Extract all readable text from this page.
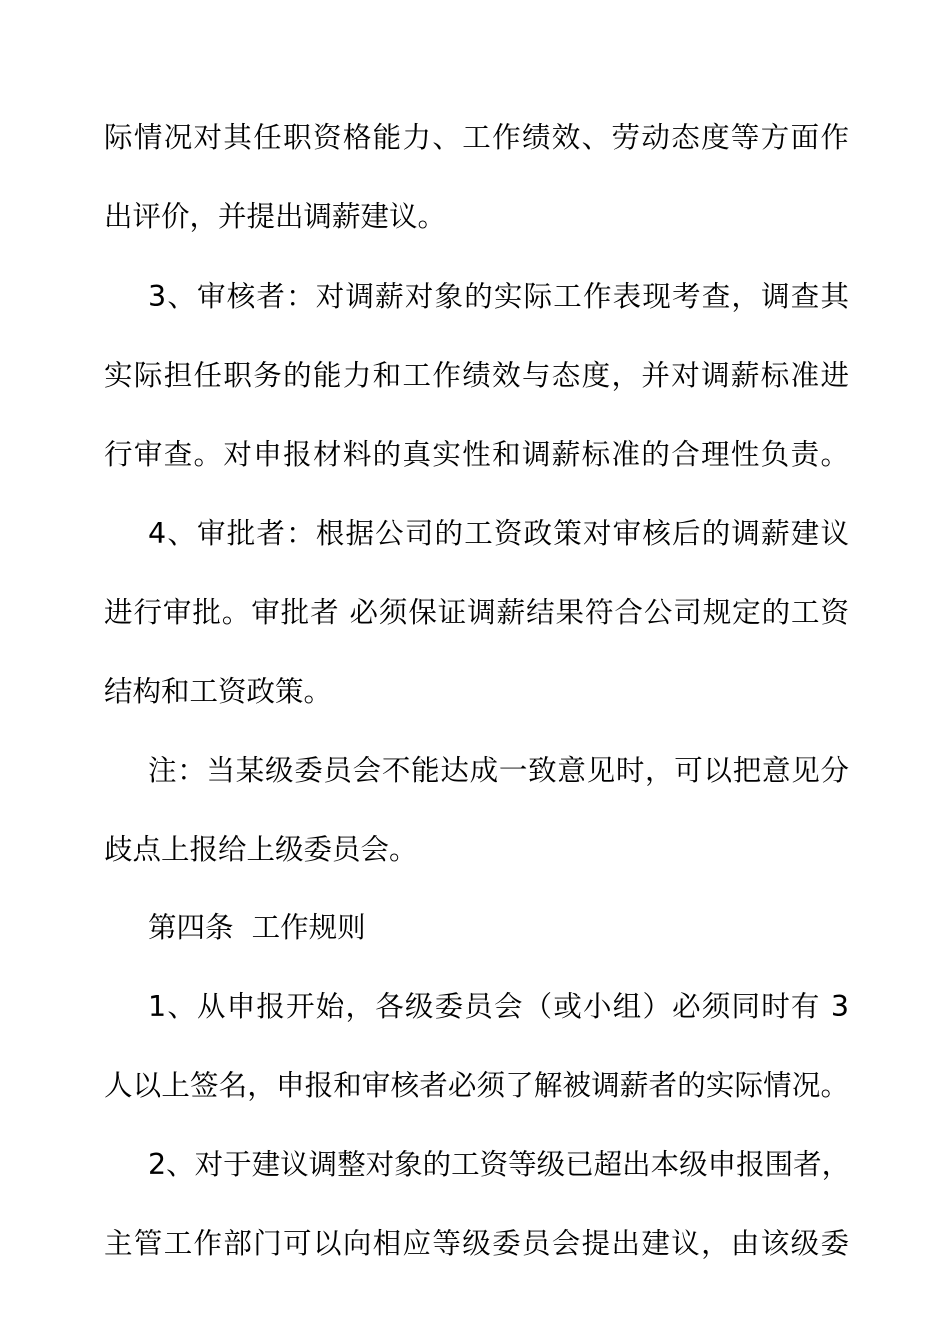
际情况对其任职资格能力、工作绩效、劳动态度等方面作
出评价，并提出调薪建议。
3、审核者：对调薪对象的实际工作表现考查，调查其
实际担任职务的能力和工作绩效与态度，并对调薪标准进
行审查。对申报材料的真实性和调薪标准的合理性负责。
4、审批者：根据公司的工资政策对审核后的调薪建议
进行审批。审批者 必须保证调薪结果符合公司规定的工资
结构和工资政策。
注：当某级委员会不能达成一致意见时，可以把意见分
歧点上报给上级委员会。
第四条  工作规则
1、从申报开始，各级委员会（或小组）必须同时有 3
人以上签名，申报和审核者必须了解被调薪者的实际情况。
2、对于建议调整对象的工资等级已超出本级申报围者，
主管工作部门可以向相应等级委员会提出建议，由该级委
